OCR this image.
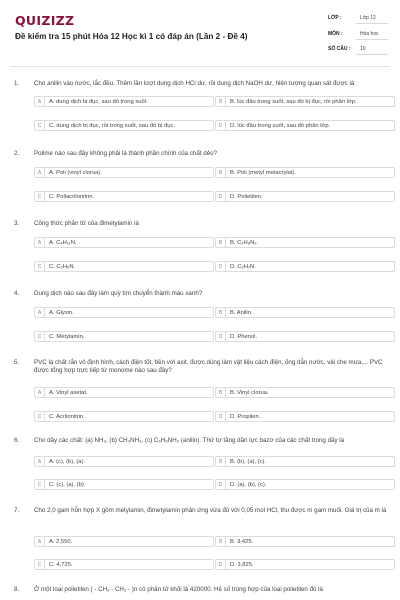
QUIZIZZ
Đề kiểm tra 15 phút Hóa 12 Học kì 1 có đáp án (Lần 2 - Đề 4)
LỚP :	Lớp 12
MÔN :	Hóa học
SỐ CÂU : 10
1. Cho anilin vào nước, lắc đều. Thêm lần lượt dung dịch HCl dư, rồi dung dịch NaOH dư, hiện tượng quan sát được là
A	A. dung dịch bị đục, sau đó trong suốt.	B	B. lúc đầu trong suốt, sau đó bị đục, rồi phân lớp.
C	C. dung dịch bị đục, rồi trong suốt, sau đó bị đục.	D	D. lúc đầu trong suốt, sau đó phân lớp.
2. Polime nào sau đây không phải là thành phần chính của chất dẻo?
A	A. Poli (vinyl clorua).	B	B. Poli (metyl metacrylat).
C	C. Poliacrilonitrin.	D	D. Polietilen.
3. Công thức phân tử của đimetylamin là
A	A. C₄H₁₁N.	B	B. C₂H₈N₂.
C	C. C₂H₆N.	D	D. C₂H₇N.
4. Dung dịch nào sau đây làm quỳ tím chuyển thành màu xanh?
A	A. Glyxin.	B	B. Anilin.
C	C. Metylamin.	D	D. Phenol.
5. PVC là chất rắn vô định hình, cách điện tốt, bền với axit, được dùng làm vật liệu cách điện, ống dẫn nước, vải che mưa,... PVC được tổng hợp trực tiếp từ monome nào sau đây?
A	A. Vinyl axetat.	B	B. Vinyl clorua.
C	C. Acrilonitrin.	D	D. Propilen.
6. Cho dãy các chất: (a) NH₃, (b) CH₃NH₂, (c) C₆H₅NH₂ (anilin). Thứ tự tăng dần lực bazơ của các chất trong dãy là
A	A. (c), (b), (a).	B	B. (b), (a), (c).
C	C. (c), (a), (b).	D	D. (a), (b), (c).
7. Cho 2,0 gam hỗn hợp X gồm metylamin, đimetylamin phản ứng vừa đủ với 0,05 mol HCl, thu được m gam muối. Giá trị của m là
A	A. 2,550.	B	B. 3,425.
C	C. 4,725.	D	D. 3,825.
8. Ở một loại polietilen ( - CH₂ - CH₂ - )n có phân tử khối là 420000. Hệ số trùng hợp của loại polietilen đó là
